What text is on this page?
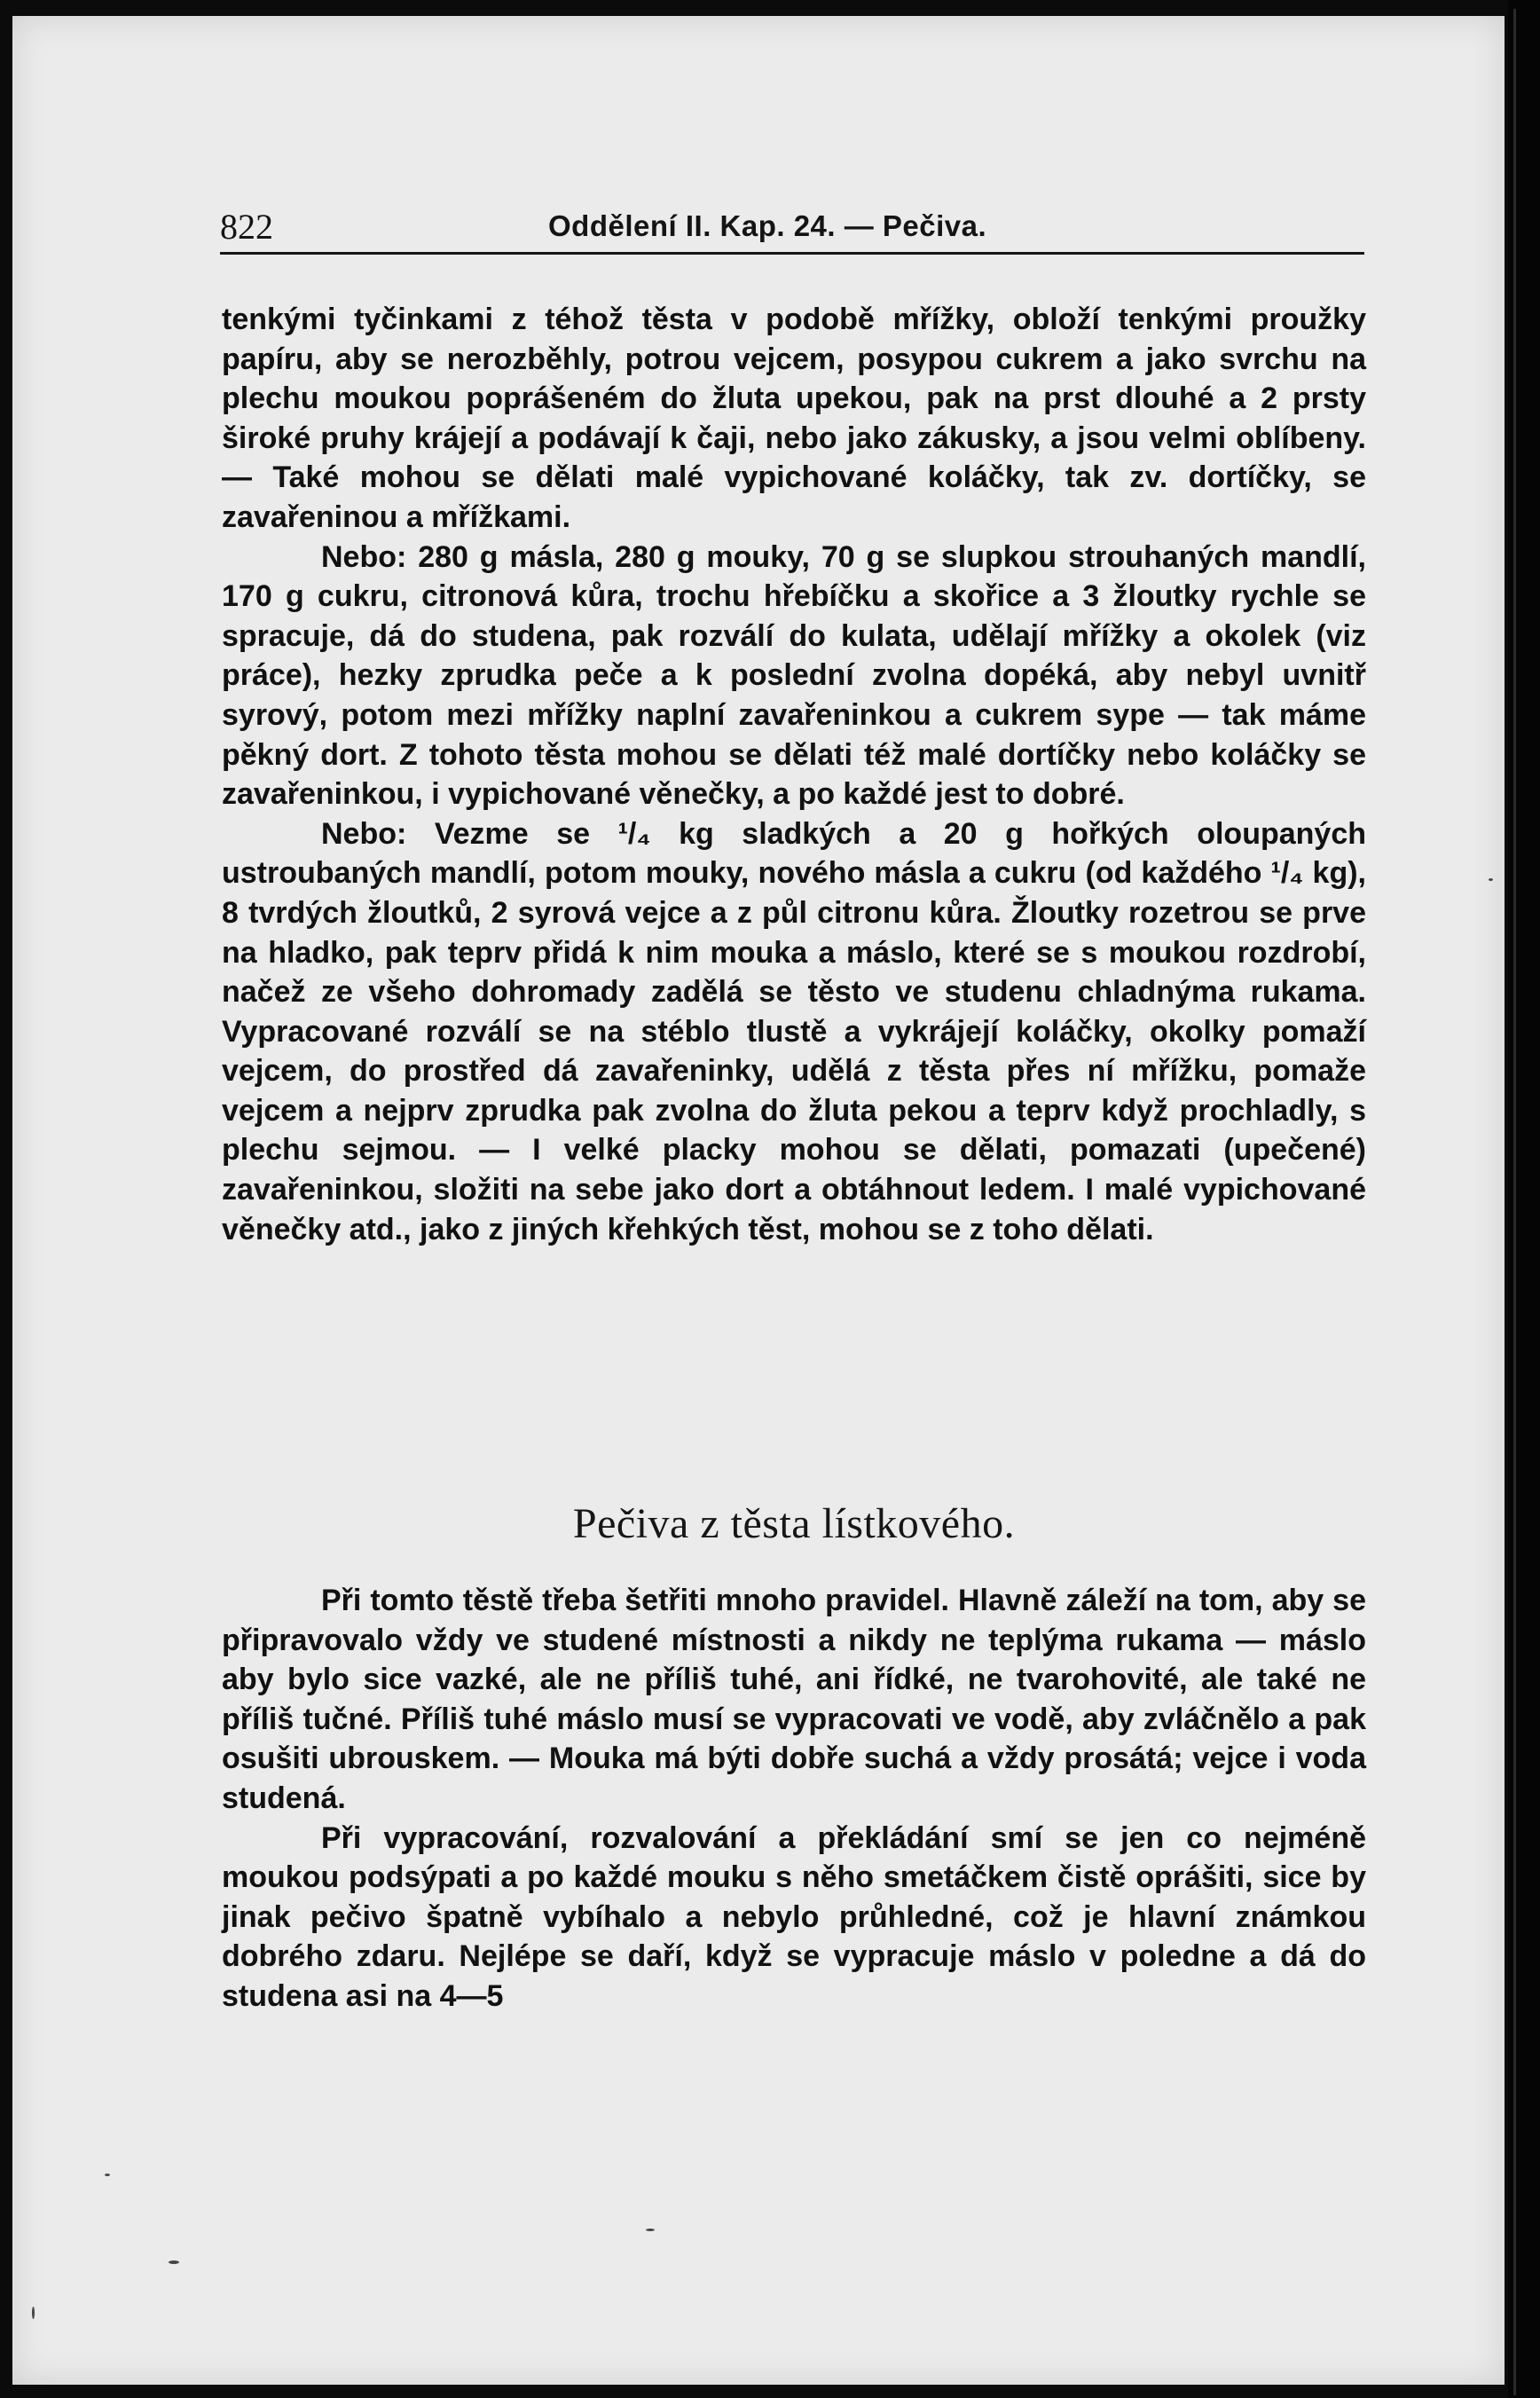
822	Oddělení II. Kap. 24. — Pečiva.

tenkými tyčinkami z téhož těsta v podobě mřížky, obloží tenkými proužky papíru, aby se nerozběhly, potrou vejcem, posypou cukrem a jako svrchu na plechu moukou poprášeném do žluta upekou, pak na prst dlouhé a 2 prsty široké pruhy krájejí a podávají k čaji, nebo jako zákusky, a jsou velmi oblíbeny. — Také mohou se dělati malé vypichované koláčky, tak zv. dortíčky, se zavařeninou a mřížkami.

Nebo: 280 g másla, 280 g mouky, 70 g se slupkou strouhaných mandlí, 170 g cukru, citronová kůra, trochu hřebíčku a skořice a 3 žloutky rychle se spracuje, dá do studena, pak rozválí do kulata, udělají mřížky a okolek (viz práce), hezky zprudka peče a k poslední zvolna dopéká, aby nebyl uvnitř syrový, potom mezi mřížky naplní zavařeninkou a cukrem sype — tak máme pěkný dort. Z tohoto těsta mohou se dělati též malé dortíčky nebo koláčky se zavařeninkou, i vypichované věnečky, a po každé jest to dobré.

Nebo: Vezme se ¹/₄ kg sladkých a 20 g hořkých oloupaných ustroubaných mandlí, potom mouky, nového másla a cukru (od každého ¹/₄ kg), 8 tvrdých žloutků, 2 syrová vejce a z půl citronu kůra. Žloutky rozetrou se prve na hladko, pak teprv přidá k nim mouka a máslo, které se s moukou rozdrobí, načež ze všeho dohromady zadělá se těsto ve studenu chladnýma rukama. Vypracované rozválí se na stéblo tlustě a vykrájejí koláčky, okolky pomaží vejcem, do prostřed dá zavařeninky, udělá z těsta přes ní mřížku, pomaže vejcem a nejprv zprudka pak zvolna do žluta pekou a teprv když prochladly, s plechu sejmou. — I velké placky mohou se dělati, pomazati (upečené) zavařeninkou, složiti na sebe jako dort a obtáhnout ledem. I malé vypichované věnečky atd., jako z jiných křehkých těst, mohou se z toho dělati.

Pečiva z těsta lístkového.

Při tomto těstě třeba šetřiti mnoho pravidel. Hlavně záleží na tom, aby se připravovalo vždy ve studené místnosti a nikdy ne teplýma rukama — máslo aby bylo sice vazké, ale ne příliš tuhé, ani řídké, ne tvarohovité, ale také ne příliš tučné. Příliš tuhé máslo musí se vypracovati ve vodě, aby zvláčnělo a pak osušiti ubrouskem. — Mouka má býti dobře suchá a vždy prosátá; vejce i voda studená.

Při vypracování, rozvalování a překládání smí se jen co nejméně moukou podsýpati a po každé mouku s něho smetáčkem čistě oprášiti, sice by jinak pečivo špatně vybíhalo a nebylo průhledné, což je hlavní známkou dobrého zdaru. Nejlépe se daří, když se vypracuje máslo v poledne a dá do studena asi na 4—5
